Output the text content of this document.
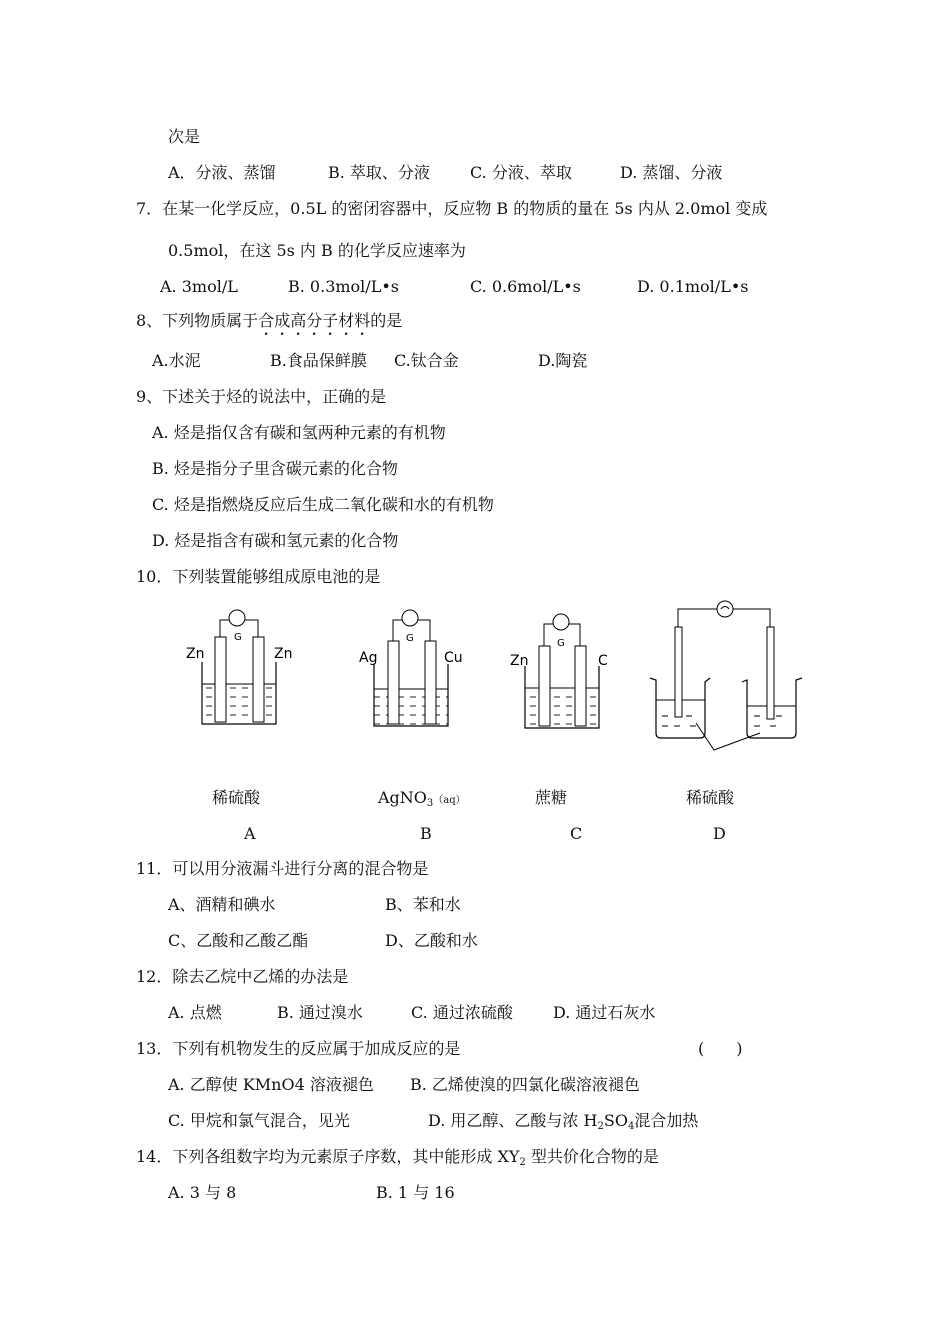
次是
A．分液、蒸馏	B. 萃取、分液	C. 分液、萃取	D. 蒸馏、分液
7．在某一化学反应，0.5L 的密闭容器中，反应物 B 的物质的量在 5s 内从 2.0mol 变成
0.5mol，在这 5s 内 B 的化学反应速率为
A. 3mol/L	B. 0.3mol/L•s	C. 0.6mol/L•s	D. 0.1mol/L•s
8、下列物质属于合成高分子材料的是
A.水泥	B.食品保鲜膜 C.钛合金	D.陶瓷
9、下述关于烃的说法中，正确的是
A. 烃是指仅含有碳和氢两种元素的有机物
B. 烃是指分子里含碳元素的化合物
C. 烃是指燃烧反应后生成二氧化碳和水的有机物
D. 烃是指含有碳和氢元素的化合物
10．下列装置能够组成原电池的是
G
Zn	Zn
G
Ag	Cu
G
Zn	C
稀硫酸	AgNO$_3$（aq）	蔗糖	稀硫酸
A	B	C	D
11．可以用分液漏斗进行分离的混合物是
A、酒精和碘水	B、苯和水
C、乙酸和乙酸乙酯	D、乙酸和水
12．除去乙烷中乙烯的办法是
A. 点燃	B. 通过溴水	C. 通过浓硫酸	D. 通过石灰水
13．下列有机物发生的反应属于加成反应的是	(　　)
A. 乙醇使 KMnO4 溶液褪色 B. 乙烯使溴的四氯化碳溶液褪色
C. 甲烷和氯气混合，见光	D. 用乙醇、乙酸与浓 $H_2SO_4$混合加热
14．下列各组数字均为元素原子序数，其中能形成 $XY_2$ 型共价化合物的是
A. 3 与 8	B. 1 与 16
